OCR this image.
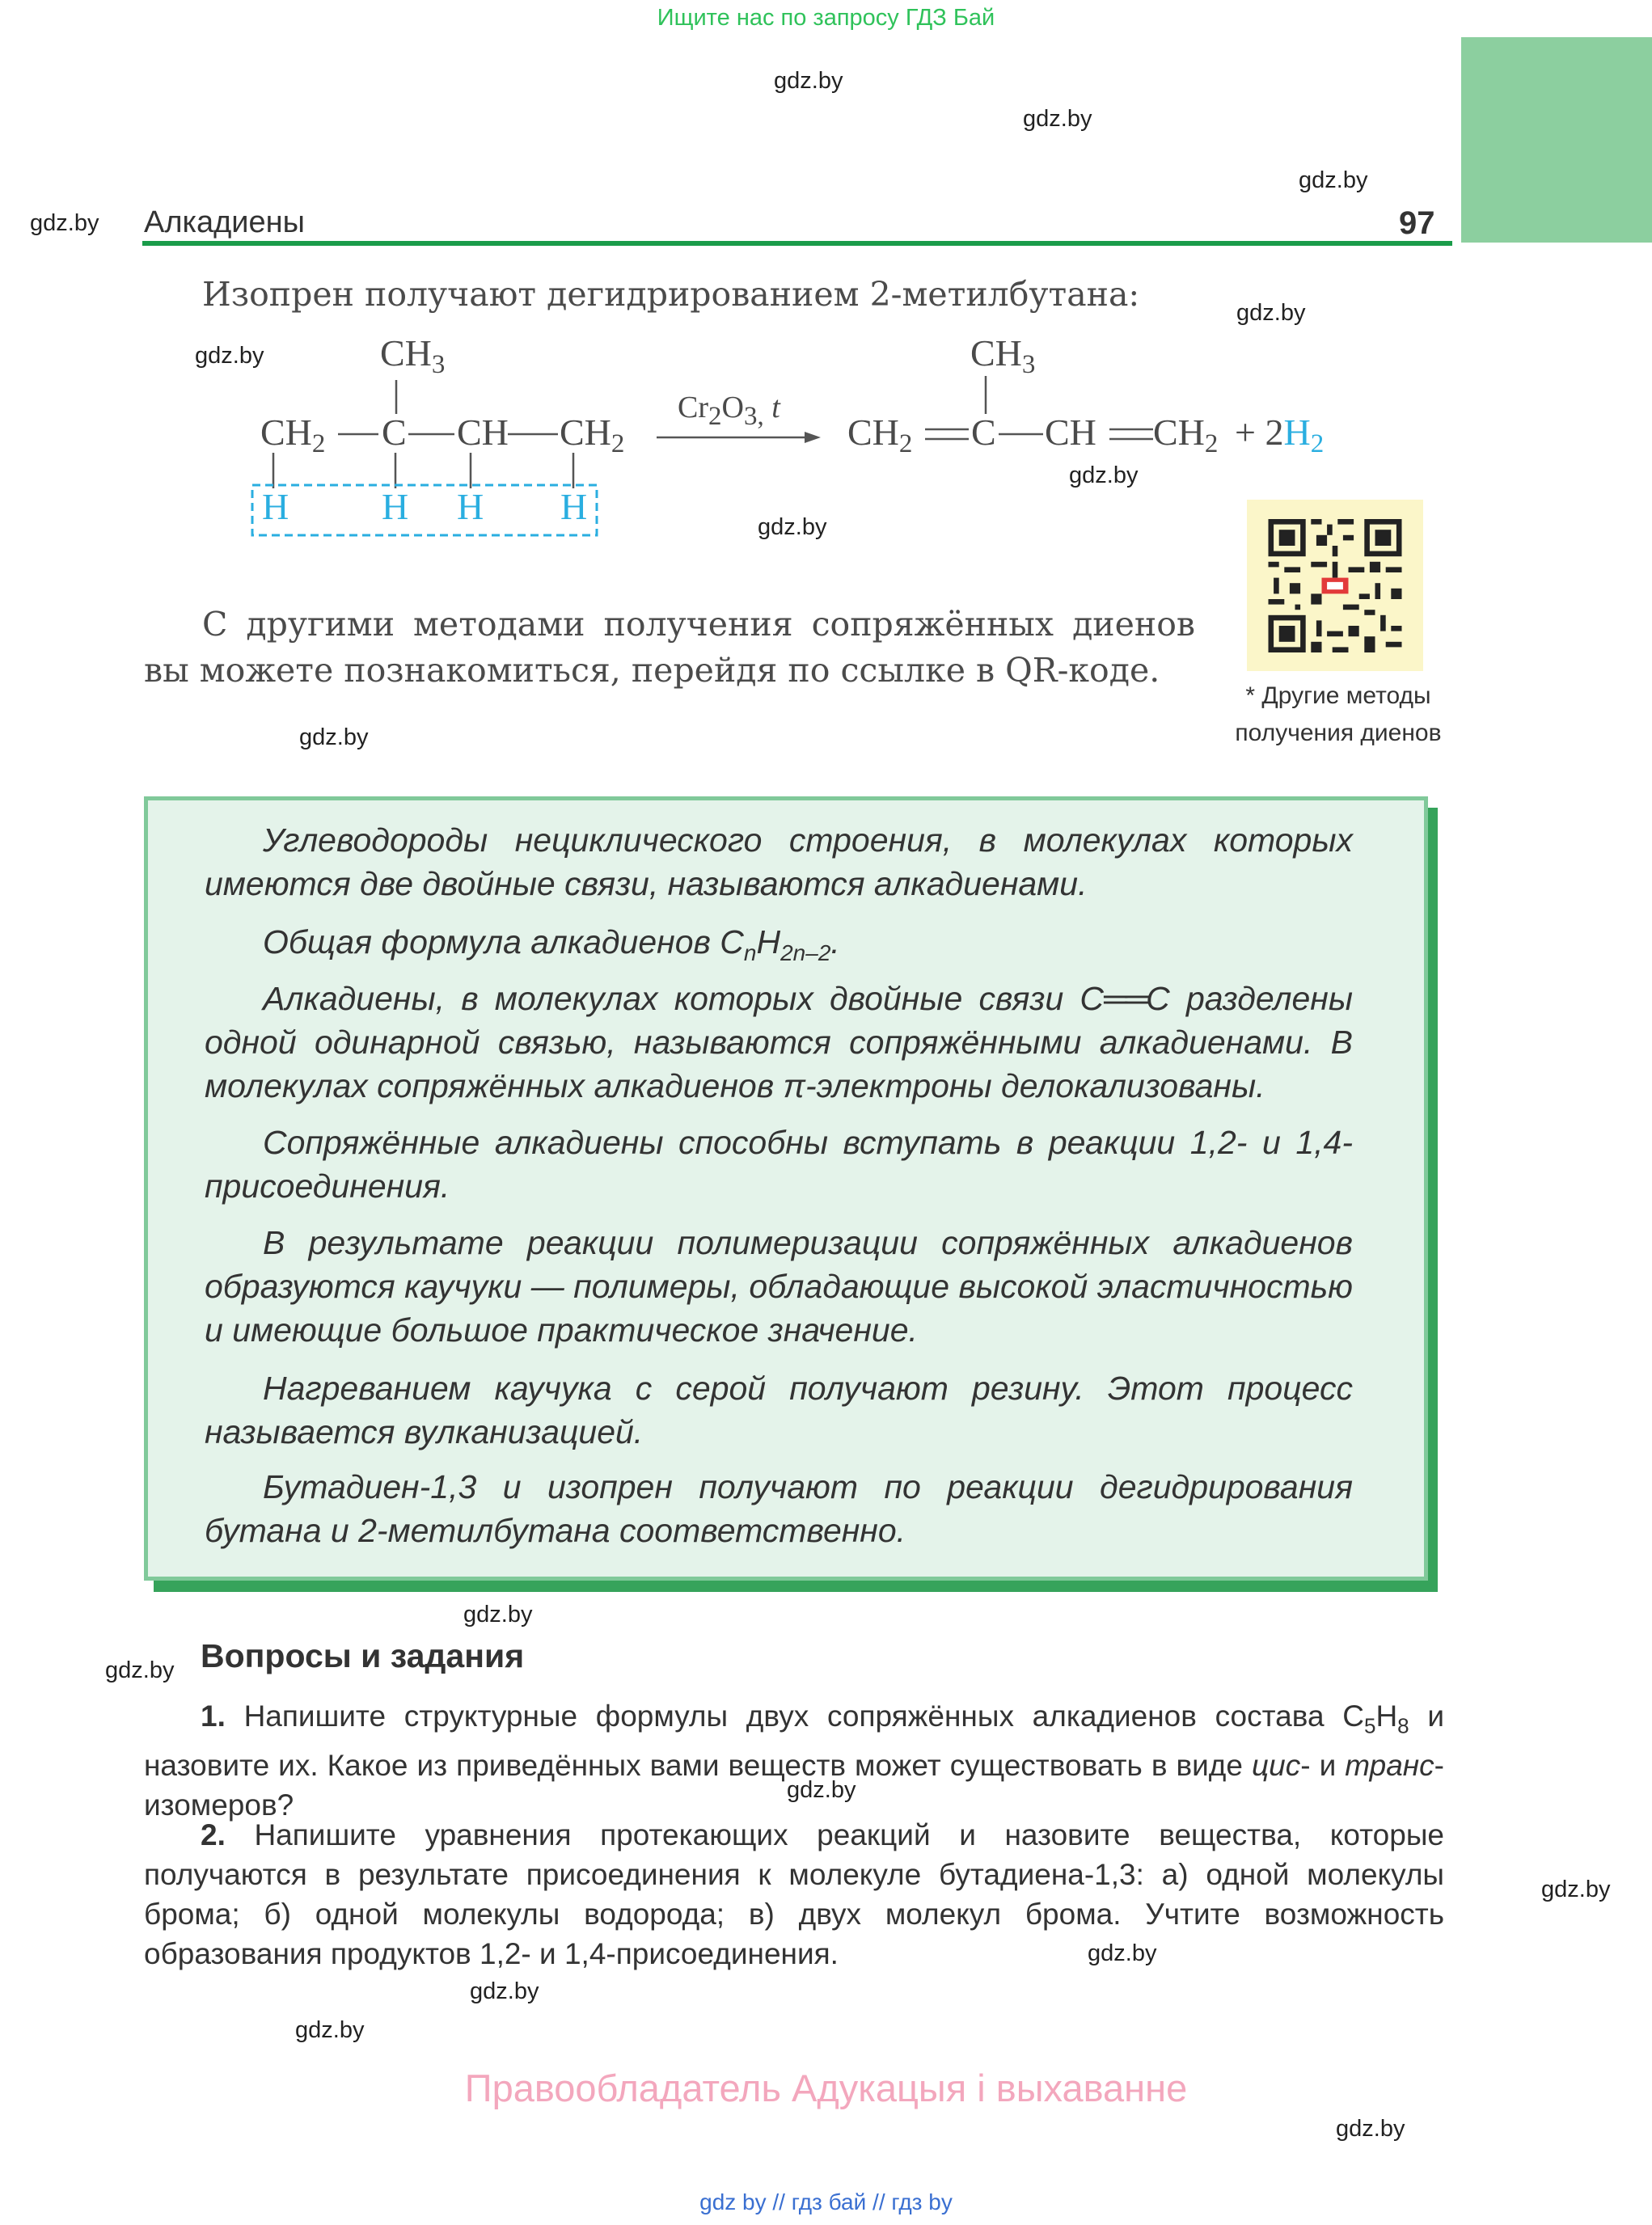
Ищите нас по запросу ГДЗ Бай
gdz.by
gdz.by
gdz.by
gdz.by
gdz.by
gdz.by
gdz.by
gdz.by
gdz.by
gdz.by
gdz.by
gdz.by
gdz.by
gdz.by
gdz.by
gdz.by
gdz.by
Алкадиены	97
Изопрен получают дегидрированием 2-метилбутана:
$CH_3$
$CH_2$ C CH $CH_2$
H H H H
$Cr_2O_{3,}$ t
$CH_3$
$CH_2$ C CH $CH_2 + 2H_2$
С другими методами получения сопряжённых диенов вы можете познакомиться, перейдя по ссылке в QR-коде.
* Другие методы
получения диенов

Углеводороды нециклического строения, в молекулах которых имеются две двойные связи, называются алкадиенами.

Общая формула алкадиенов $C_nH_{2n-2}$.

Алкадиены, в молекулах которых двойные связи C══C разделены одной одинарной связью, называются сопряжёнными алкадиенами. В молекулах сопряжённых алкадиенов π-электроны делокализованы.

Сопряжённые алкадиены способны вступать в реакции 1,2- и 1,4-присоединения.

В результате реакции полимеризации сопряжённых алкадиенов образуются каучуки — полимеры, обладающие высокой эластичностью и имеющие большое практическое значение.

Нагреванием каучука с серой получают резину. Этот процесс называется вулканизацией.

Бутадиен-1,3 и изопрен получают по реакции дегидрирования бутана и 2-метилбутана соответственно.

Вопросы и задания

1. Напишите структурные формулы двух сопряжённых алкадиенов состава $C_5H_8$ и назовите их. Какое из приведённых вами веществ может существовать в виде цис- и транс-изомеров?

2. Напишите уравнения протекающих реакций и назовите вещества, которые получаются в результате присоединения к молекуле бутадиена-1,3: а) одной молекулы брома; б) одной молекулы водорода; в) двух молекул брома. Учтите возможность образования продуктов 1,2- и 1,4-присоединения.

Правообладатель Адукацыя і выхаванне
gdz by // гдз бай // гдз by
